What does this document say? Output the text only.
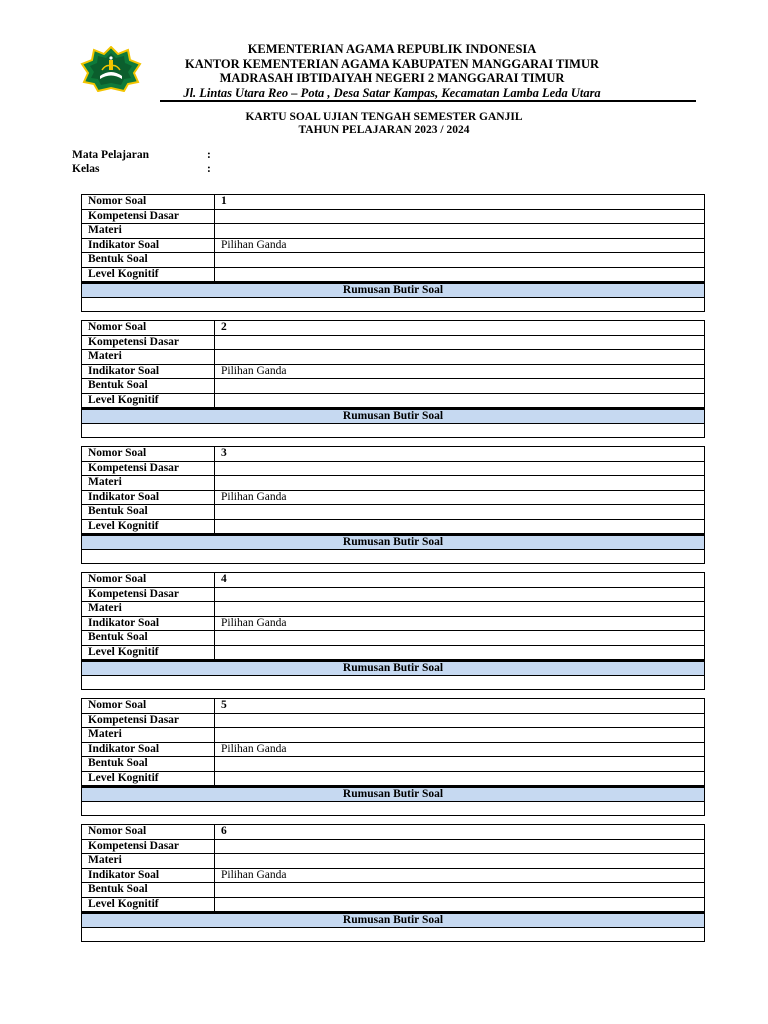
KEMENTERIAN AGAMA REPUBLIK INDONESIA
KANTOR KEMENTERIAN AGAMA KABUPATEN MANGGARAI TIMUR
MADRASAH IBTIDAIYAH NEGERI 2 MANGGARAI TIMUR
Jl. Lintas Utara Reo – Pota , Desa Satar Kampas, Kecamatan Lamba Leda Utara
KARTU SOAL UJIAN TENGAH SEMESTER GANJIL
TAHUN PELAJARAN 2023 / 2024
Mata Pelajaran	:
Kelas	:
Nomor Soal	1
Kompetensi Dasar
Materi
Indikator Soal	Pilihan Ganda
Bentuk Soal
Level Kognitif
Rumusan Butir Soal
Nomor Soal	2
Kompetensi Dasar
Materi
Indikator Soal	Pilihan Ganda
Bentuk Soal
Level Kognitif
Rumusan Butir Soal
Nomor Soal	3
Kompetensi Dasar
Materi
Indikator Soal	Pilihan Ganda
Bentuk Soal
Level Kognitif
Rumusan Butir Soal
Nomor Soal	4
Kompetensi Dasar
Materi
Indikator Soal	Pilihan Ganda
Bentuk Soal
Level Kognitif
Rumusan Butir Soal
Nomor Soal	5
Kompetensi Dasar
Materi
Indikator Soal	Pilihan Ganda
Bentuk Soal
Level Kognitif
Rumusan Butir Soal
Nomor Soal	6
Kompetensi Dasar
Materi
Indikator Soal	Pilihan Ganda
Bentuk Soal
Level Kognitif
Rumusan Butir Soal
